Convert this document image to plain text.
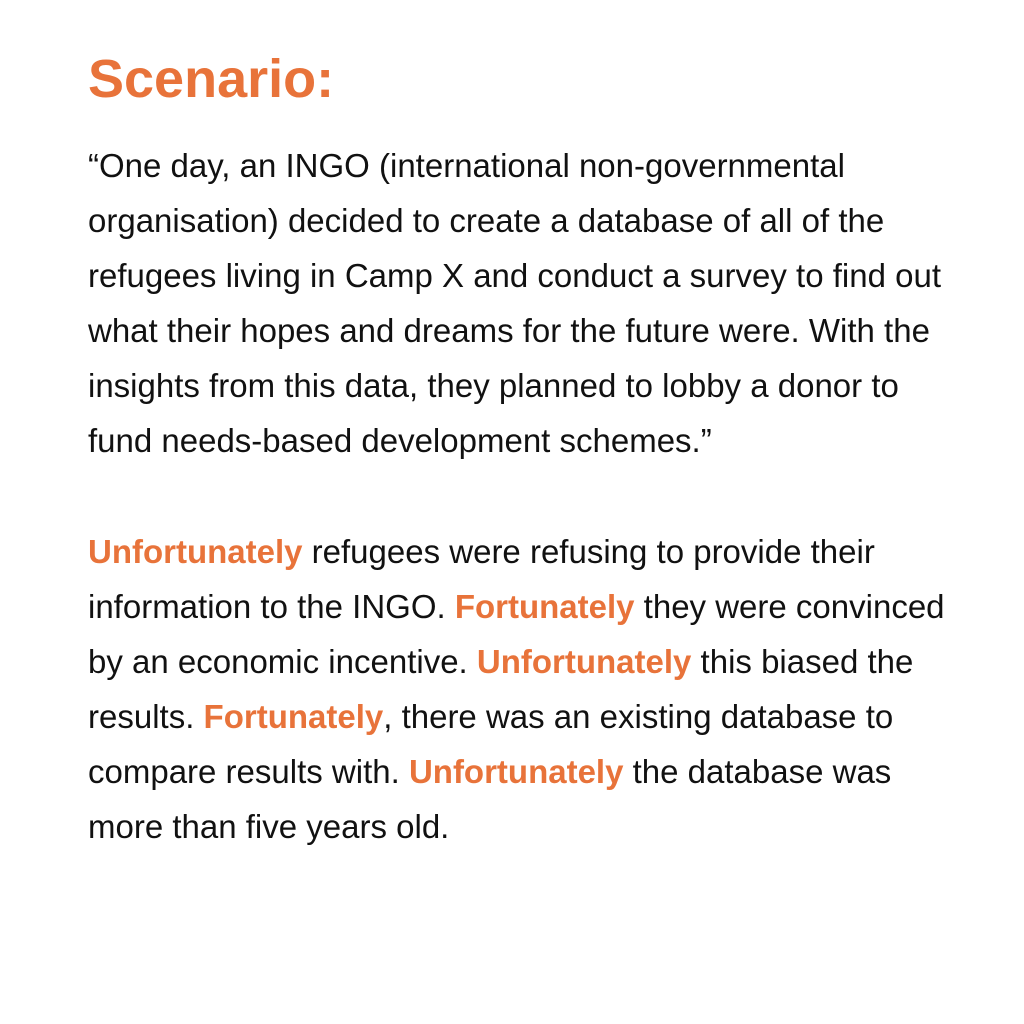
Scenario:

“One day, an INGO (international non-governmental organisation) decided to create a database of all of the refugees living in Camp X and conduct a survey to find out what their hopes and dreams for the future were. With the insights from this data, they planned to lobby a donor to fund needs-based development schemes.”

Unfortunately refugees were refusing to provide their information to the INGO. Fortunately they were convinced by an economic incentive. Unfortunately this biased the results. Fortunately, there was an existing database to compare results with. Unfortunately the database was more than five years old.
